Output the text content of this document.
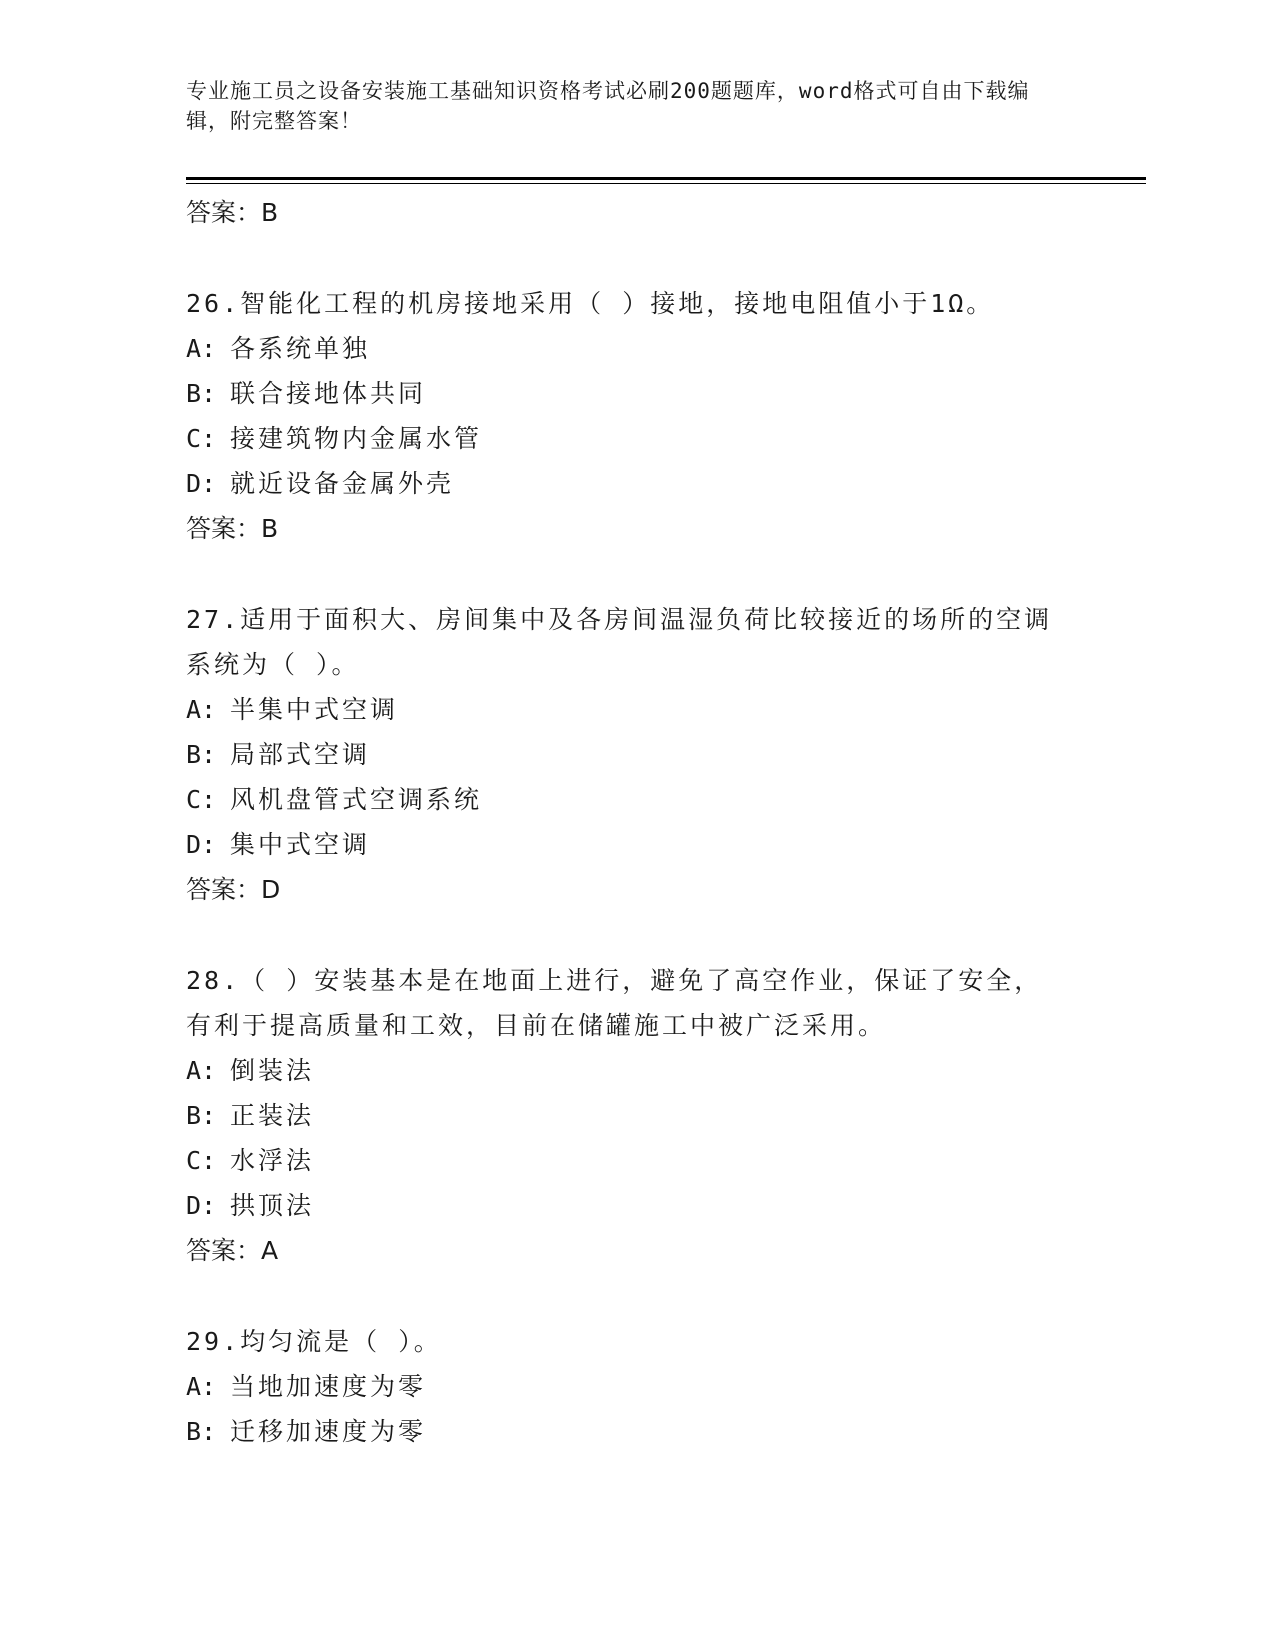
专业施工员之设备安装施工基础知识资格考试必刷200题题库，word格式可自由下载编辑，附完整答案！
答案：B
26.智能化工程的机房接地采用（ ）接地，接地电阻值小于1Ω。
A: 各系统单独
B: 联合接地体共同
C: 接建筑物内金属水管
D: 就近设备金属外壳
答案：B
27.适用于面积大、房间集中及各房间温湿负荷比较接近的场所的空调系统为（ ）。
A: 半集中式空调
B: 局部式空调
C: 风机盘管式空调系统
D: 集中式空调
答案：D
28.（ ）安装基本是在地面上进行，避免了高空作业，保证了安全，有利于提高质量和工效，目前在储罐施工中被广泛采用。
A: 倒装法
B: 正装法
C: 水浮法
D: 拱顶法
答案：A
29.均匀流是（ ）。
A: 当地加速度为零
B: 迁移加速度为零
